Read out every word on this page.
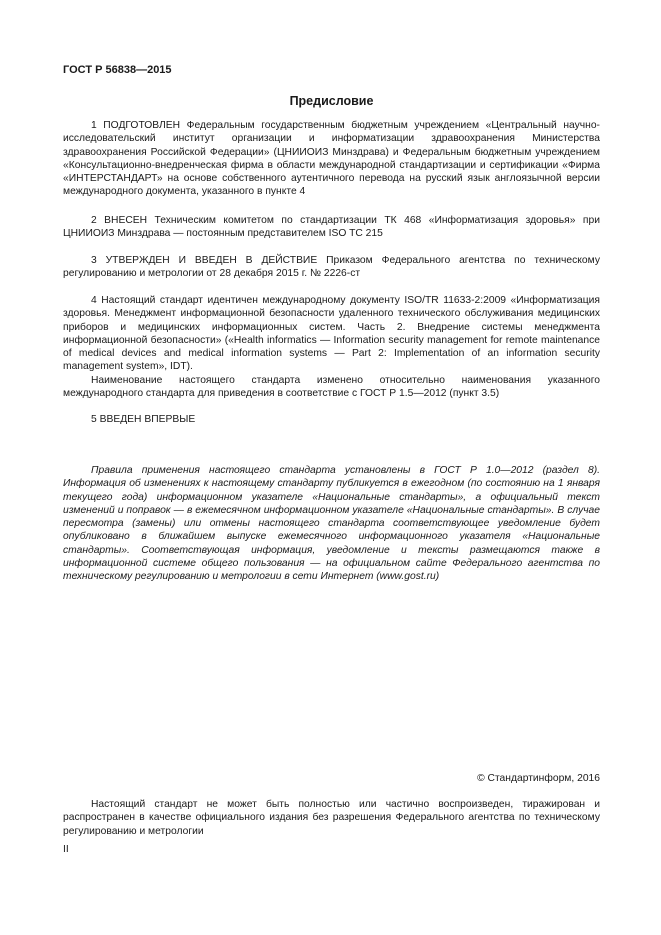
ГОСТ Р 56838—2015
Предисловие
1 ПОДГОТОВЛЕН Федеральным государственным бюджетным учреждением «Центральный научно-исследовательский институт организации и информатизации здравоохранения Министерства здравоохранения Российской Федерации» (ЦНИИОИЗ Минздрава) и Федеральным бюджетным учреждением «Консультационно-внедренческая фирма в области международной стандартизации и сертификации «Фирма «ИНТЕРСТАНДАРТ» на основе собственного аутентичного перевода на русский язык англоязычной версии международного документа, указанного в пункте 4
2 ВНЕСЕН Техническим комитетом по стандартизации ТК 468 «Информатизация здоровья» при ЦНИИОИЗ Минздрава — постоянным представителем ISO TC 215
3 УТВЕРЖДЕН И ВВЕДЕН В ДЕЙСТВИЕ Приказом Федерального агентства по техническому регулированию и метрологии от 28 декабря 2015 г. № 2226-ст
4 Настоящий стандарт идентичен международному документу ISO/TR 11633-2:2009 «Информатизация здоровья. Менеджмент информационной безопасности удаленного технического обслуживания медицинских приборов и медицинских информационных систем. Часть 2. Внедрение системы менеджмента информационной безопасности» («Health informatics — Information security management for remote maintenance of medical devices and medical information systems — Part 2: Implementation of an information security management system», IDT).
Наименование настоящего стандарта изменено относительно наименования указанного международного стандарта для приведения в соответствие с ГОСТ Р 1.5—2012 (пункт 3.5)
5 ВВЕДЕН ВПЕРВЫЕ
Правила применения настоящего стандарта установлены в ГОСТ Р 1.0—2012 (раздел 8). Информация об изменениях к настоящему стандарту публикуется в ежегодном (по состоянию на 1 января текущего года) информационном указателе «Национальные стандарты», а официальный текст изменений и поправок — в ежемесячном информационном указателе «Национальные стандарты». В случае пересмотра (замены) или отмены настоящего стандарта соответствующее уведомление будет опубликовано в ближайшем выпуске ежемесячного информационного указателя «Национальные стандарты». Соответствующая информация, уведомление и тексты размещаются также в информационной системе общего пользования — на официальном сайте Федерального агентства по техническому регулированию и метрологии в сети Интернет (www.gost.ru)
© Стандартинформ, 2016
Настоящий стандарт не может быть полностью или частично воспроизведен, тиражирован и распространен в качестве официального издания без разрешения Федерального агентства по техническому регулированию и метрологии
II
